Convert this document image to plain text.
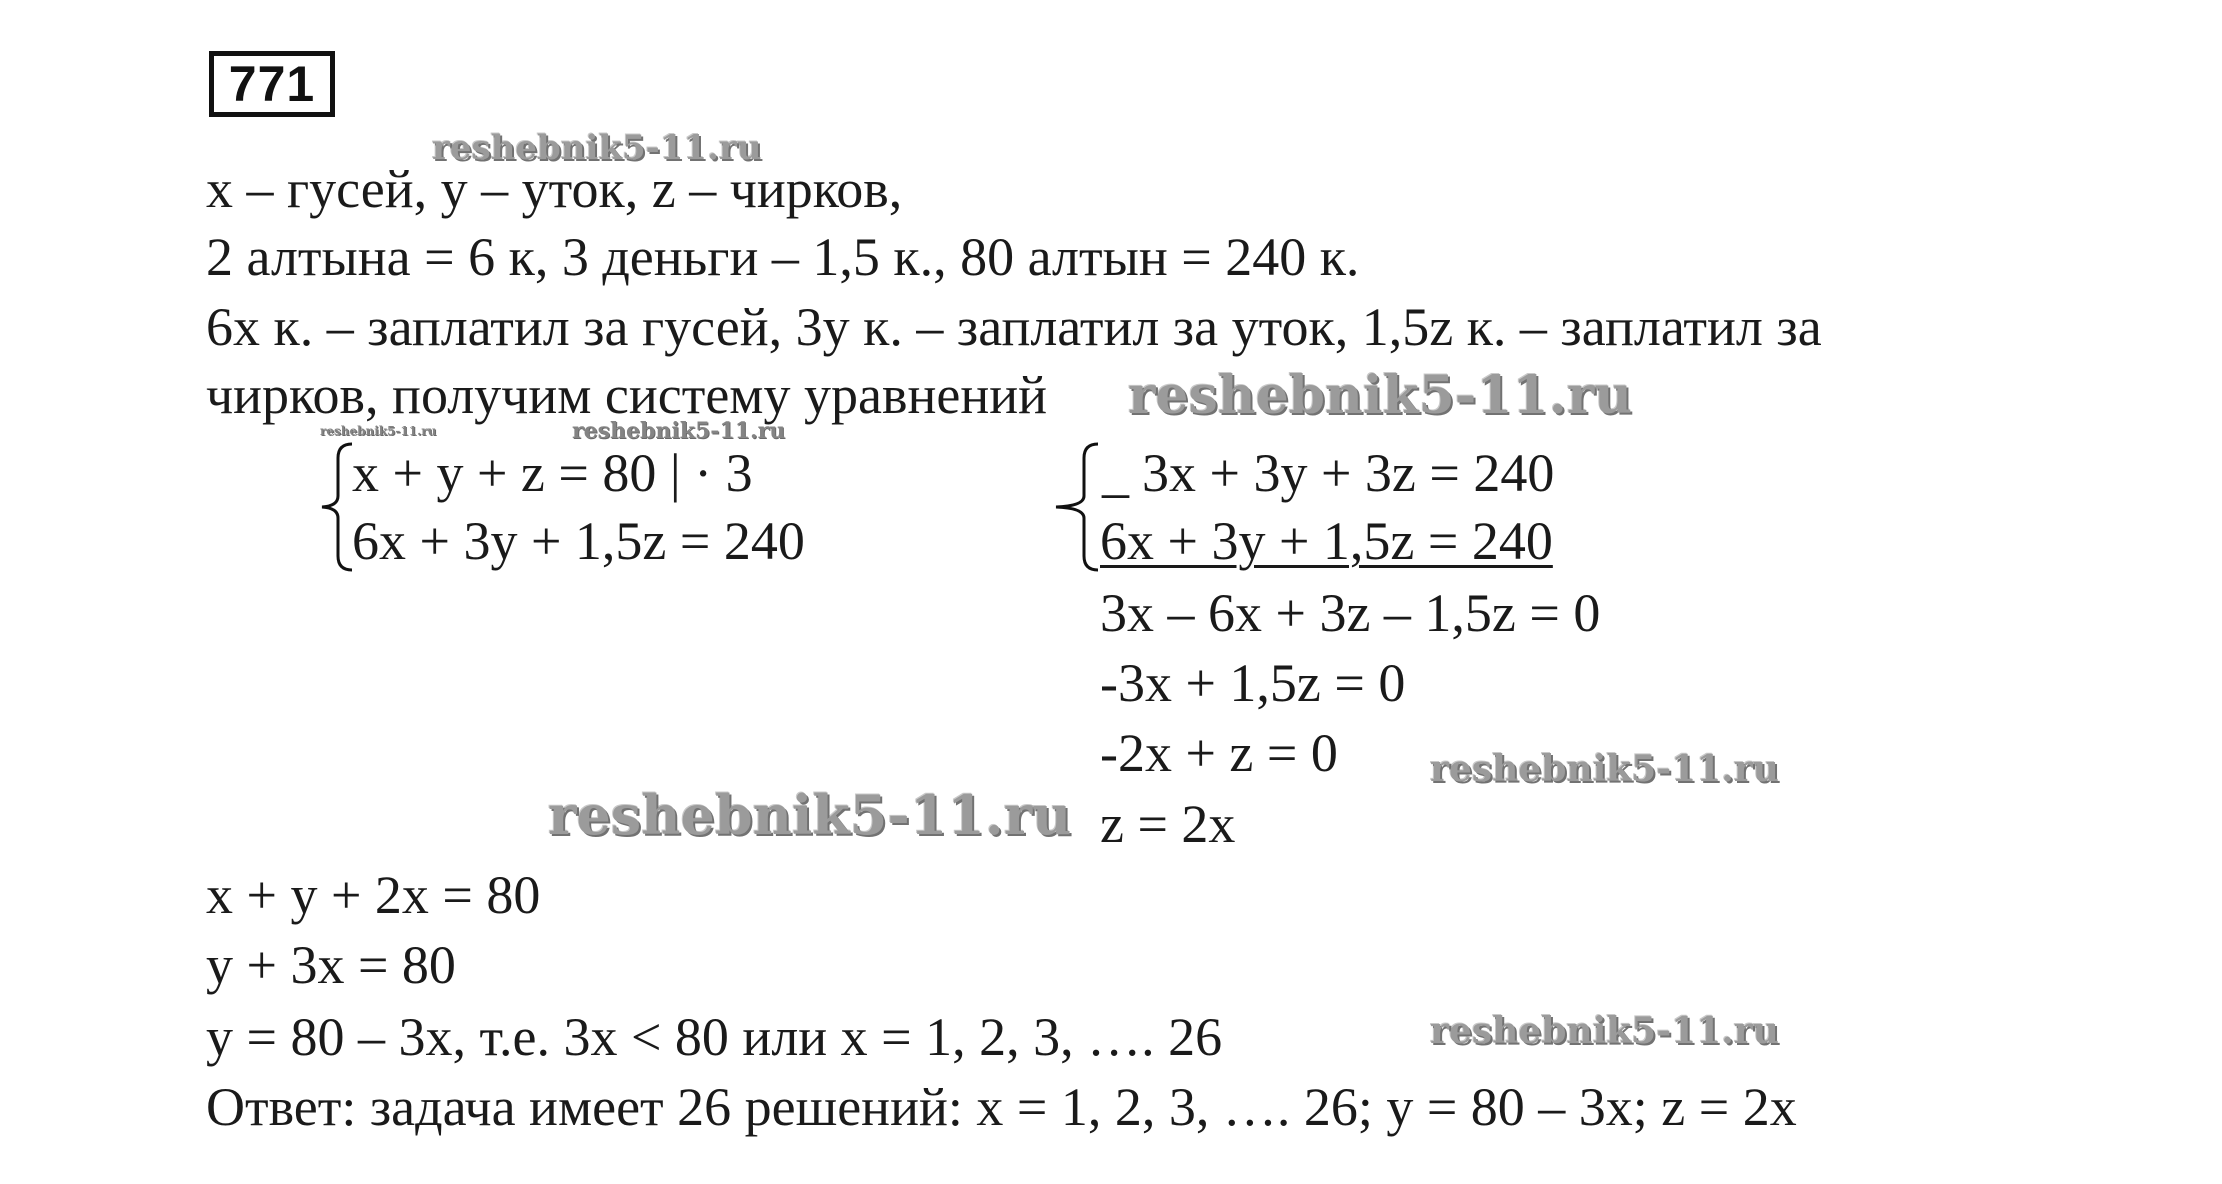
771
reshebnik5-11.ru
reshebnik5-11.ru
reshebnik5-11.ru	reshebnik5-11.ru
reshebnik5-11.ru
reshebnik5-11.ru
reshebnik5-11.ru
x – гусей, y – уток, z – чирков,
2 алтына = 6 к, 3 деньги – 1,5 к., 80 алтын = 240 к.
6x к. – заплатил за гусей, 3y к. – заплатил за уток, 1,5z к. – заплатил за
чирков, получим систему уравнений
x + y + z = 80 | · 3
6x + 3y + 1,5z = 240
_ 3x + 3y + 3z = 240
6x + 3y + 1,5z = 240
3x – 6x + 3z – 1,5z = 0
-3x + 1,5z = 0
-2x + z = 0
z = 2x
x + y + 2x = 80
y + 3x = 80
y = 80 – 3x, т.е. 3x < 80 или x = 1, 2, 3, …. 26
Ответ: задача имеет 26 решений: x = 1, 2, 3, …. 26; y = 80 – 3x; z = 2x
